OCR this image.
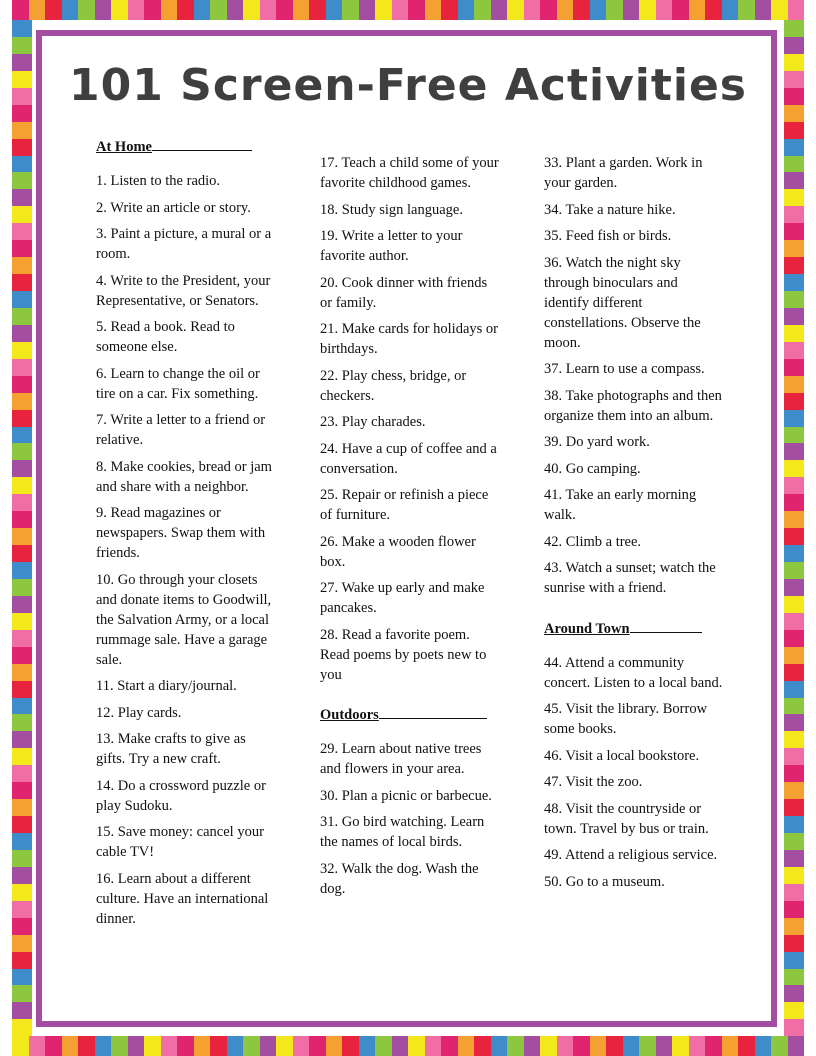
101 Screen-Free Activities
At Home
1. Listen to the radio.
2. Write an article or story.
3. Paint a picture, a mural or a room.
4. Write to the President, your Representative, or Senators.
5. Read a book. Read to someone else.
6. Learn to change the oil or tire on a car. Fix something.
7. Write a letter to a friend or relative.
8. Make cookies, bread or jam and share with a neighbor.
9. Read magazines or newspapers. Swap them with friends.
10. Go through your closets and donate items to Goodwill, the Salvation Army, or a local rummage sale. Have a garage sale.
11. Start a diary/journal.
12. Play cards.
13. Make crafts to give as gifts. Try a new craft.
14. Do a crossword puzzle or play Sudoku.
15. Save money: cancel your cable TV!
16. Learn about a different culture. Have an international dinner.
17. Teach a child some of your favorite childhood games.
18. Study sign language.
19. Write a letter to your favorite author.
20. Cook dinner with friends or family.
21. Make cards for holidays or birthdays.
22. Play chess, bridge, or checkers.
23. Play charades.
24. Have a cup of coffee and a conversation.
25. Repair or refinish a piece of furniture.
26. Make a wooden flower box.
27. Wake up early and make pancakes.
28. Read a favorite poem. Read poems by poets new to you
Outdoors
29. Learn about native trees and flowers in your area.
30. Plan a picnic or barbecue.
31. Go bird watching. Learn the names of local birds.
32. Walk the dog. Wash the dog.
33. Plant a garden. Work in your garden.
34. Take a nature hike.
35. Feed fish or birds.
36. Watch the night sky through binoculars and identify different constellations. Observe the moon.
37. Learn to use a compass.
38. Take photographs and then organize them into an album.
39. Do yard work.
40. Go camping.
41. Take an early morning walk.
42. Climb a tree.
43. Watch a sunset; watch the sunrise with a friend.
Around Town
44. Attend a community concert. Listen to a local band.
45. Visit the library. Borrow some books.
46. Visit a local bookstore.
47. Visit the zoo.
48. Visit the countryside or town. Travel by bus or train.
49. Attend a religious service.
50. Go to a museum.
